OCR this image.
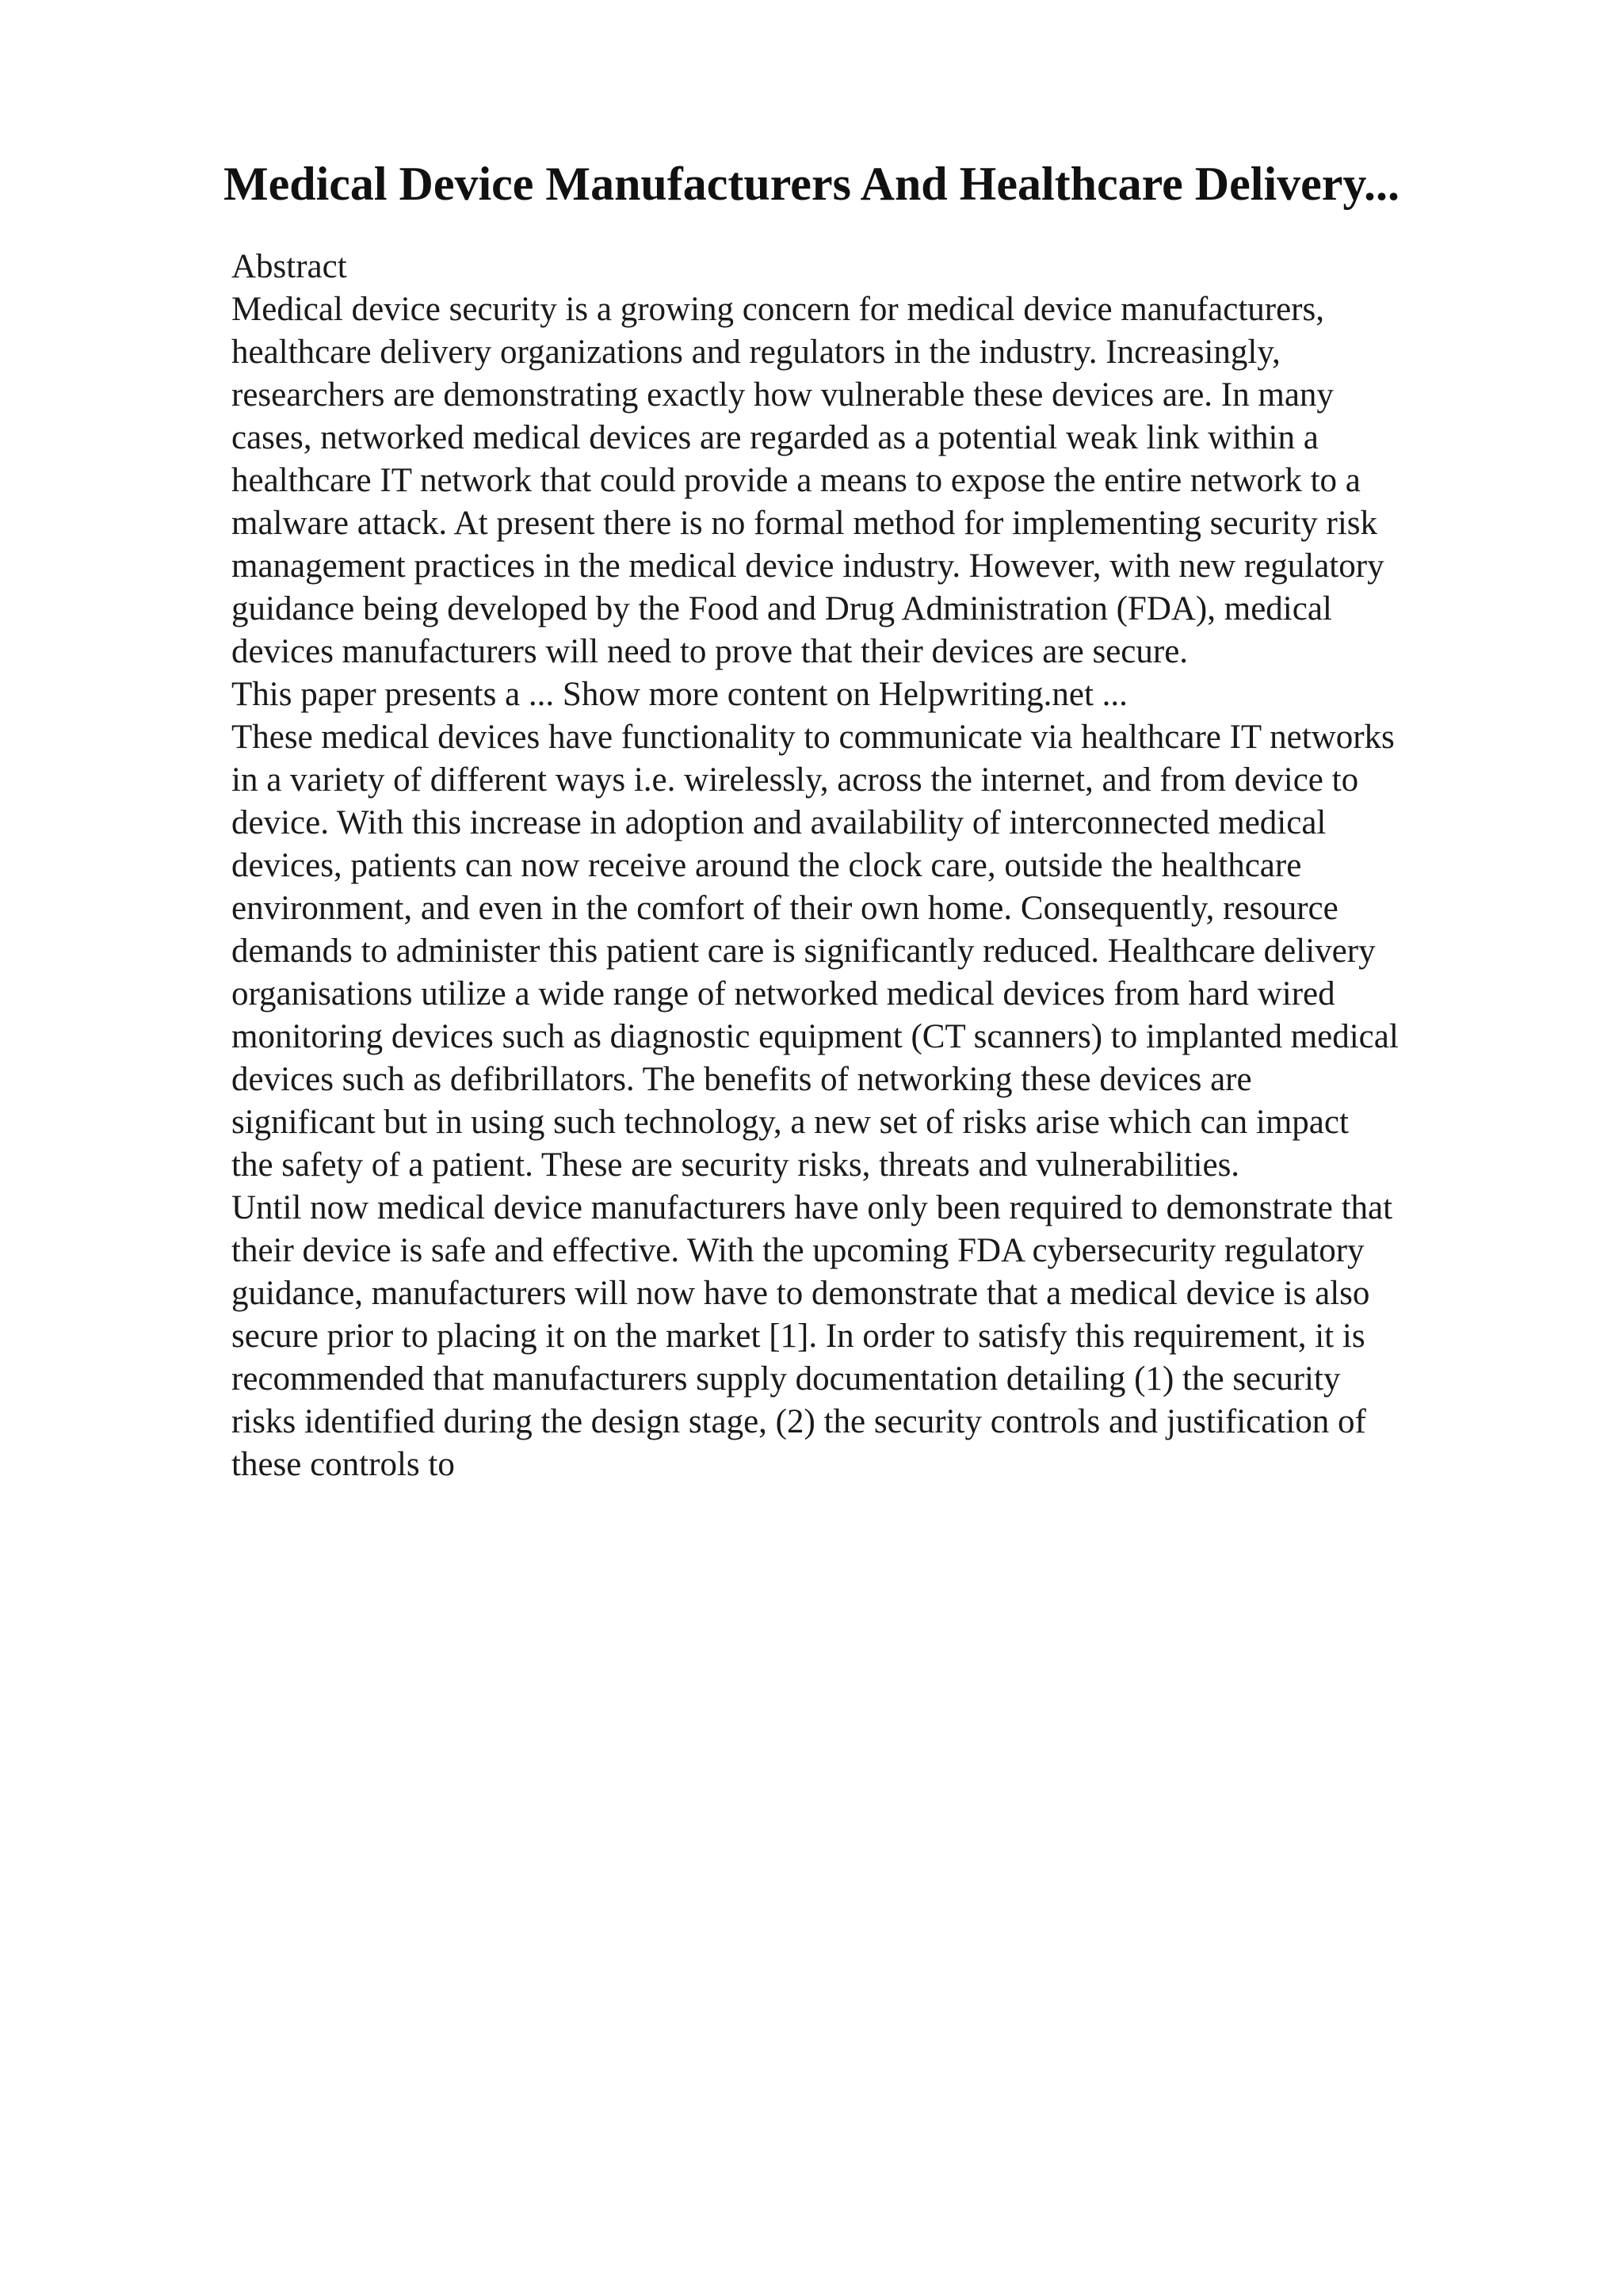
Medical Device Manufacturers And Healthcare Delivery...
Abstract
Medical device security is a growing concern for medical device manufacturers,
healthcare delivery organizations and regulators in the industry. Increasingly,
researchers are demonstrating exactly how vulnerable these devices are. In many
cases, networked medical devices are regarded as a potential weak link within a
healthcare IT network that could provide a means to expose the entire network to a
malware attack. At present there is no formal method for implementing security risk
management practices in the medical device industry. However, with new regulatory
guidance being developed by the Food and Drug Administration (FDA), medical
devices manufacturers will need to prove that their devices are secure.
This paper presents a ... Show more content on Helpwriting.net ...
These medical devices have functionality to communicate via healthcare IT networks
in a variety of different ways i.e. wirelessly, across the internet, and from device to
device. With this increase in adoption and availability of interconnected medical
devices, patients can now receive around the clock care, outside the healthcare
environment, and even in the comfort of their own home. Consequently, resource
demands to administer this patient care is significantly reduced. Healthcare delivery
organisations utilize a wide range of networked medical devices from hard wired
monitoring devices such as diagnostic equipment (CT scanners) to implanted medical
devices such as defibrillators. The benefits of networking these devices are
significant but in using such technology, a new set of risks arise which can impact
the safety of a patient. These are security risks, threats and vulnerabilities.
Until now medical device manufacturers have only been required to demonstrate that
their device is safe and effective. With the upcoming FDA cybersecurity regulatory
guidance, manufacturers will now have to demonstrate that a medical device is also
secure prior to placing it on the market [1]. In order to satisfy this requirement, it is
recommended that manufacturers supply documentation detailing (1) the security
risks identified during the design stage, (2) the security controls and justification of
these controls to
